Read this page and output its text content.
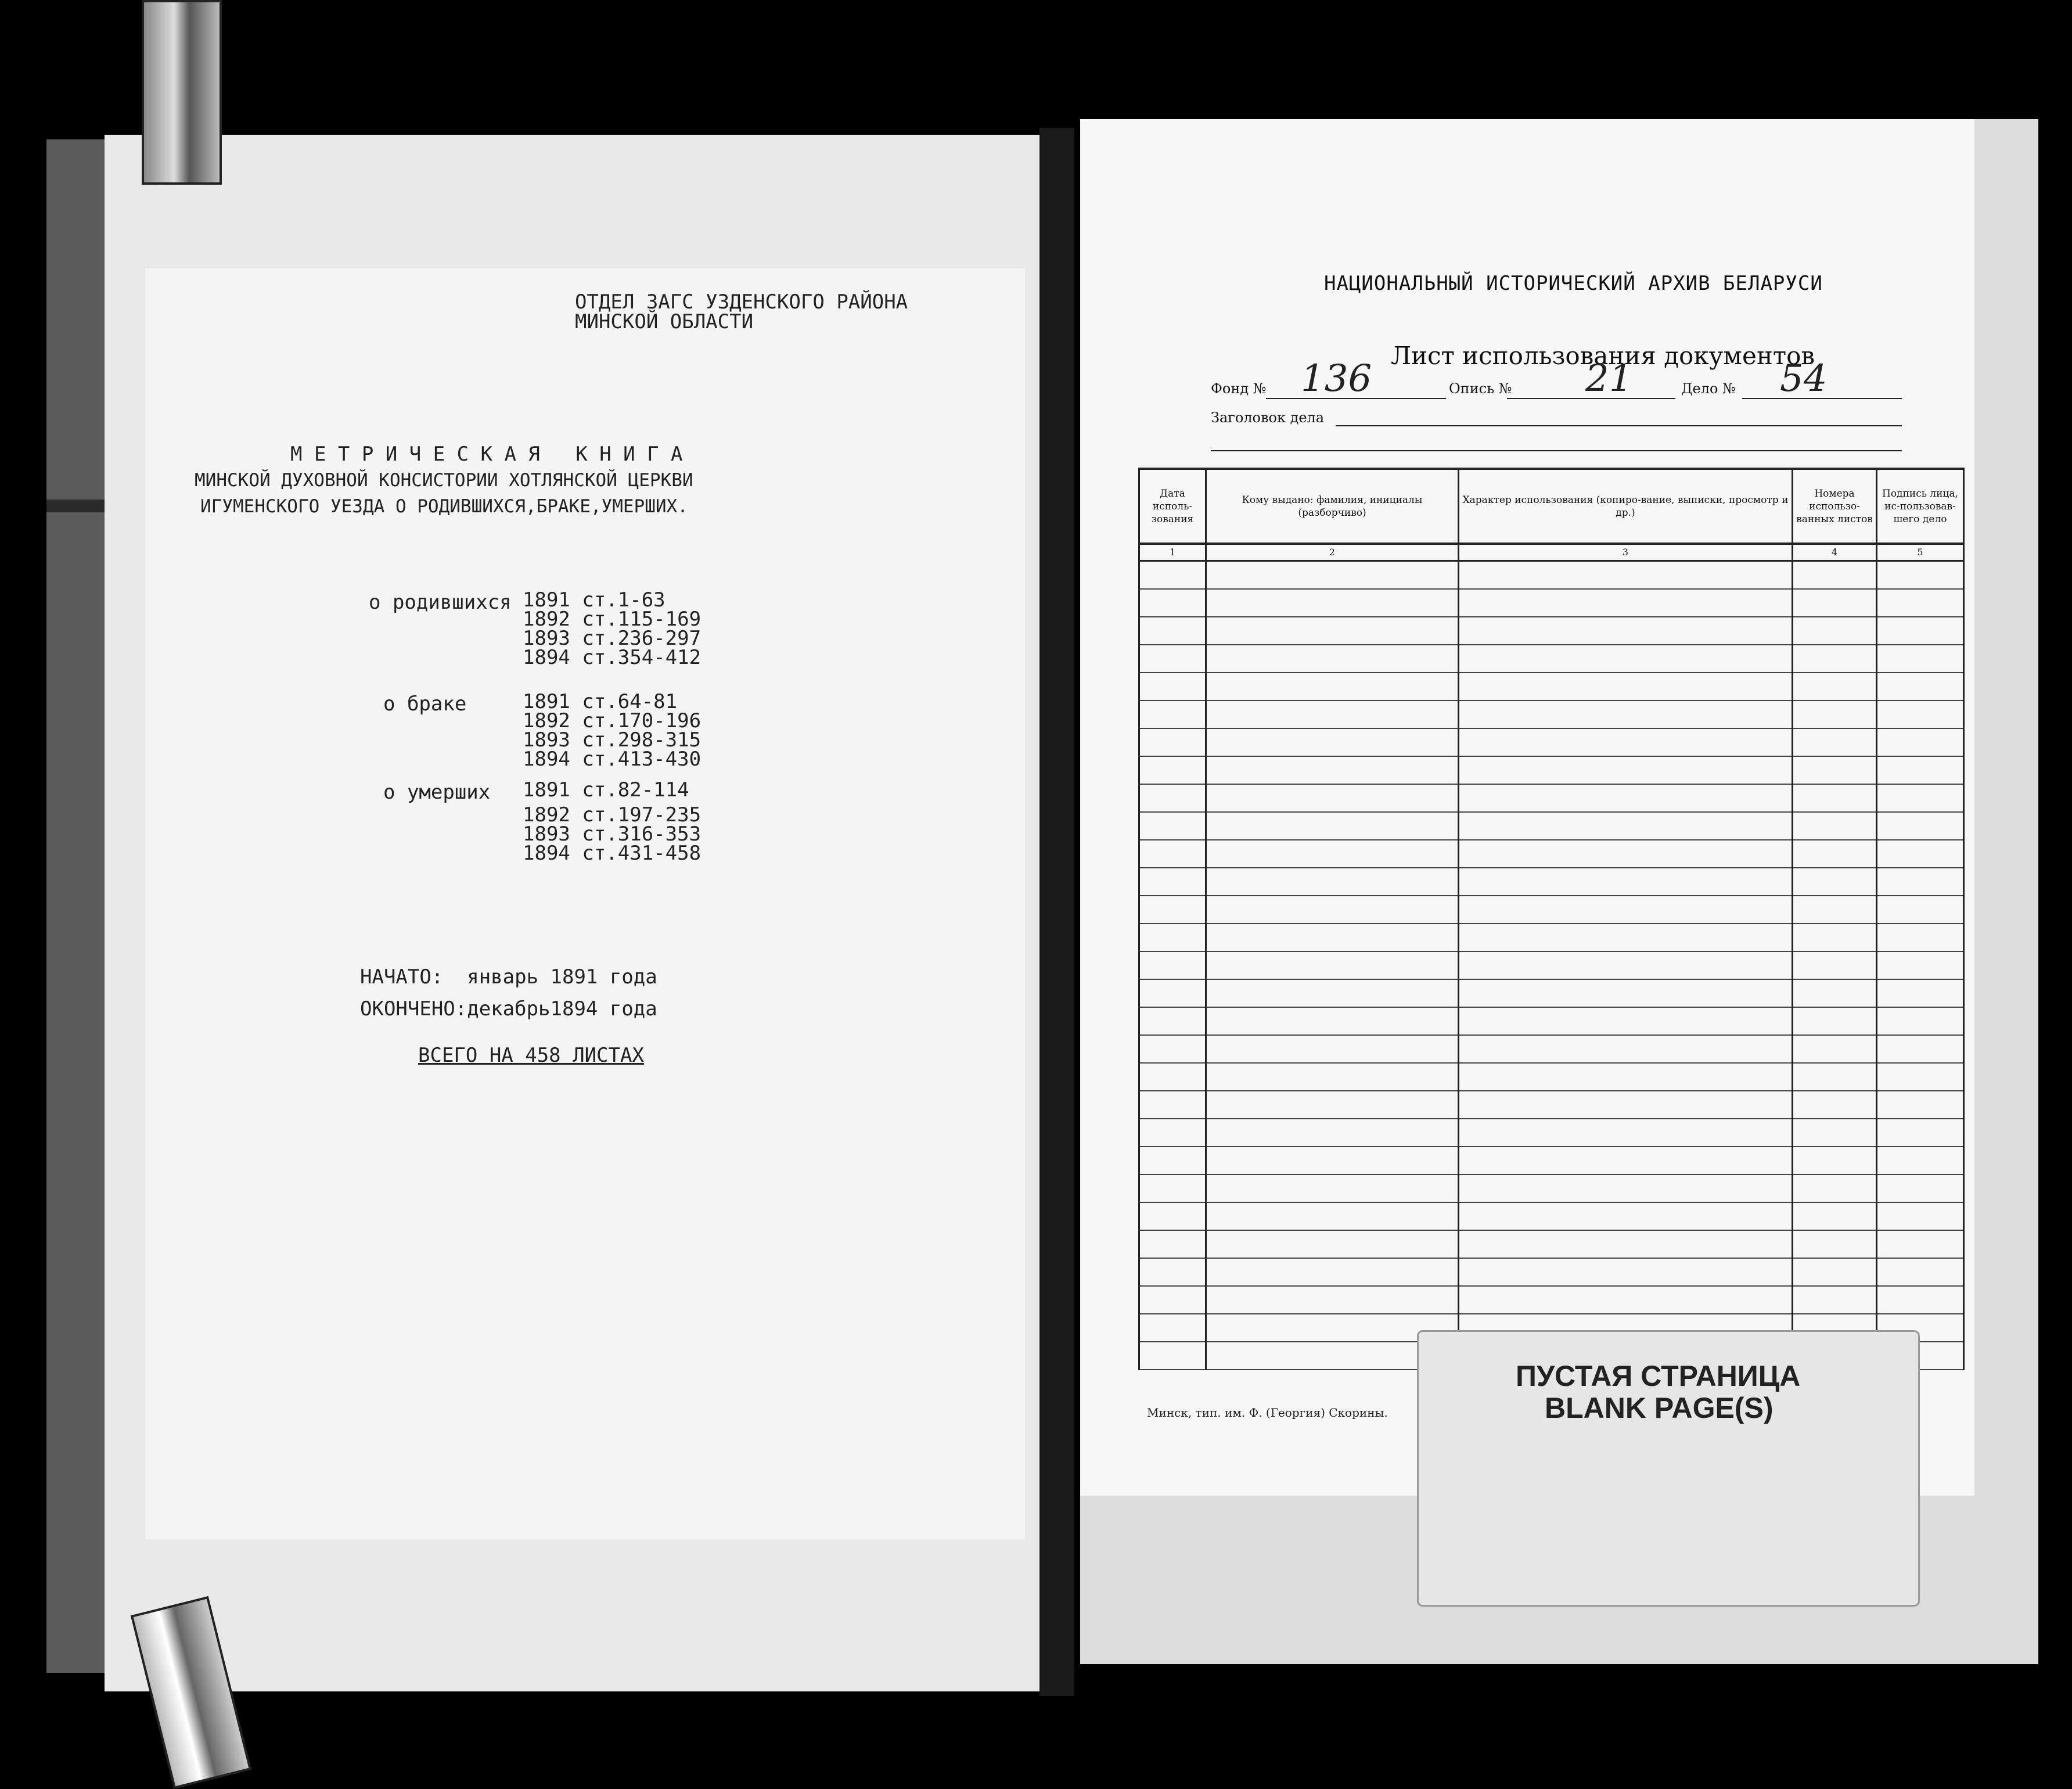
ОТДЕЛ ЗАГС УЗДЕНСКОГО РАЙОНА
МИНСКОЙ ОБЛАСТИ
М Е Т Р И Ч Е С К А Я   К Н И Г А
МИНСКОЙ ДУХОВНОЙ КОНСИСТОРИИ ХОТЛЯНСКОЙ ЦЕРКВИ
ИГУМЕНСКОГО УЕЗДА О РОДИВШИХСЯ,БРАКЕ,УМЕРШИХ.
о родившихся 1891 ст.1-63
1892 ст.115-169
1893 ст.236-297
1894 ст.354-412
о браке	1891 ст.64-81
1892 ст.170-196
1893 ст.298-315
1894 ст.413-430
о умерших 1891 ст.82-114
1892 ст.197-235
1893 ст.316-353
1894 ст.431-458
НАЧАТО:  январь 1891 года
ОКОНЧЕНО:декабрь1894 года
ВСЕГО НА 458 ЛИСТАХ
НАЦИОНАЛЬНЫЙ ИСТОРИЧЕСКИЙ АРХИВ БЕЛАРУСИ
Лист использования документов
Фонд № 136	Опись № 21	Дело № 54
Заголовок дела
Дата исполь-зования	Кому выдано: фамилия, инициалы (разборчиво)	Характер использования (копиро-вание, выписки, просмотр и др.)	Номера использо-ванных листов	Подпись лица, ис-пользовав-шего дело
1	2	3	4	5

Минск, тип. им. Ф. (Георгия) Скорины.
ПУСТАЯ СТРАНИЦА
BLANK PAGE(S)
